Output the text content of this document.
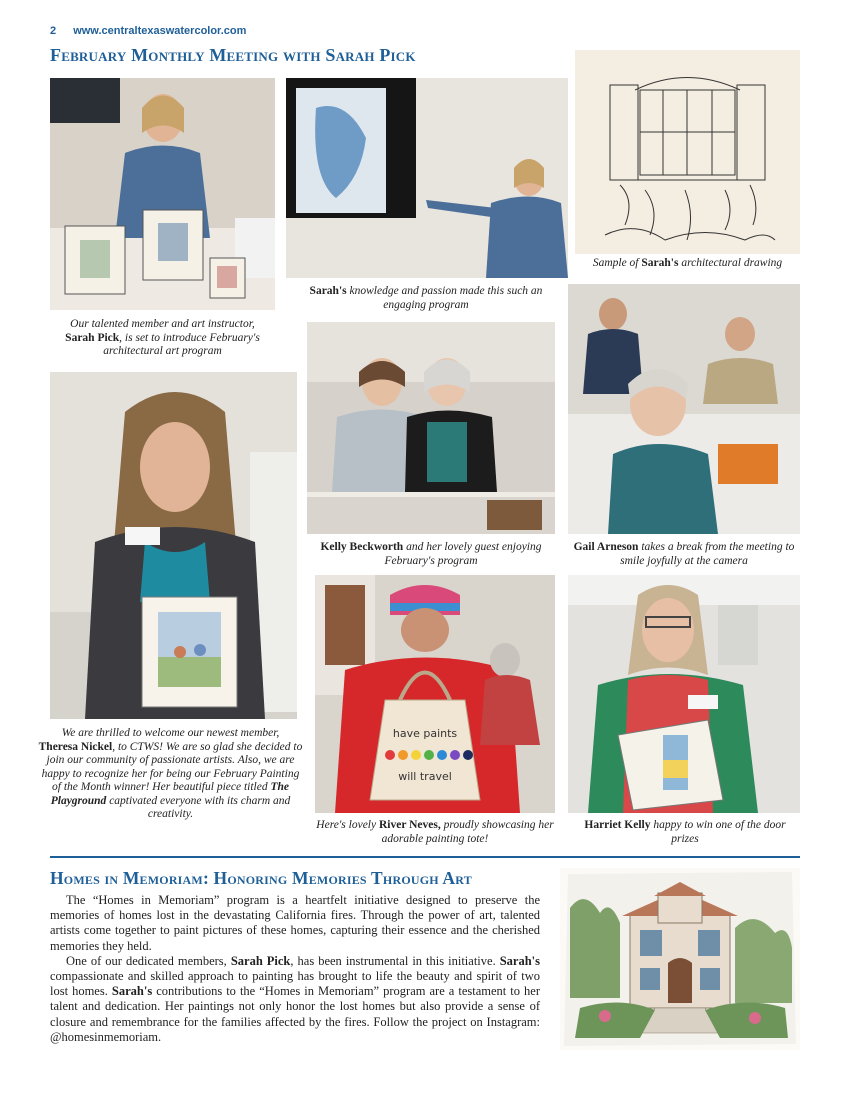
2 www.centraltexaswatercolor.com
February Monthly Meeting with Sarah Pick
Sample of Sarah's architectural drawing
Sarah's knowledge and passion made this such an engaging program
Our talented member and art instructor,
Sarah Pick, is set to introduce February's architectural art program
Kelly Beckworth and her lovely guest enjoying February's program
Gail Arneson takes a break from the meeting to smile joyfully at the camera
have paints
will travel
We are thrilled to welcome our newest member,
Theresa Nickel, to CTWS! We are so glad she decided to join our community of passionate artists. Also, we are happy to recognize her for being our February Painting of the Month winner! Her beautiful piece titled The Playground captivated everyone with its charm and creativity.
Here's lovely River Neves, proudly showcasing her adorable painting tote!
Harriet Kelly happy to win one of the door prizes
Homes in Memoriam: Honoring Memories Through Art

The “Homes in Memoriam” program is a heartfelt initiative designed to preserve the memories of homes lost in the devastating California fires. Through the power of art, talented artists come together to paint pictures of these homes, capturing their essence and the cherished memories they held.

One of our dedicated members, Sarah Pick, has been instrumental in this initiative. Sarah's compassionate and skilled approach to painting has brought to life the beauty and spirit of two lost homes. Sarah's contributions to the “Homes in Memoriam” program are a testament to her talent and dedication. Her paintings not only honor the lost homes but also provide a sense of closure and remembrance for the families affected by the fires. Follow the project on Instagram: @homesinmemoriam.
